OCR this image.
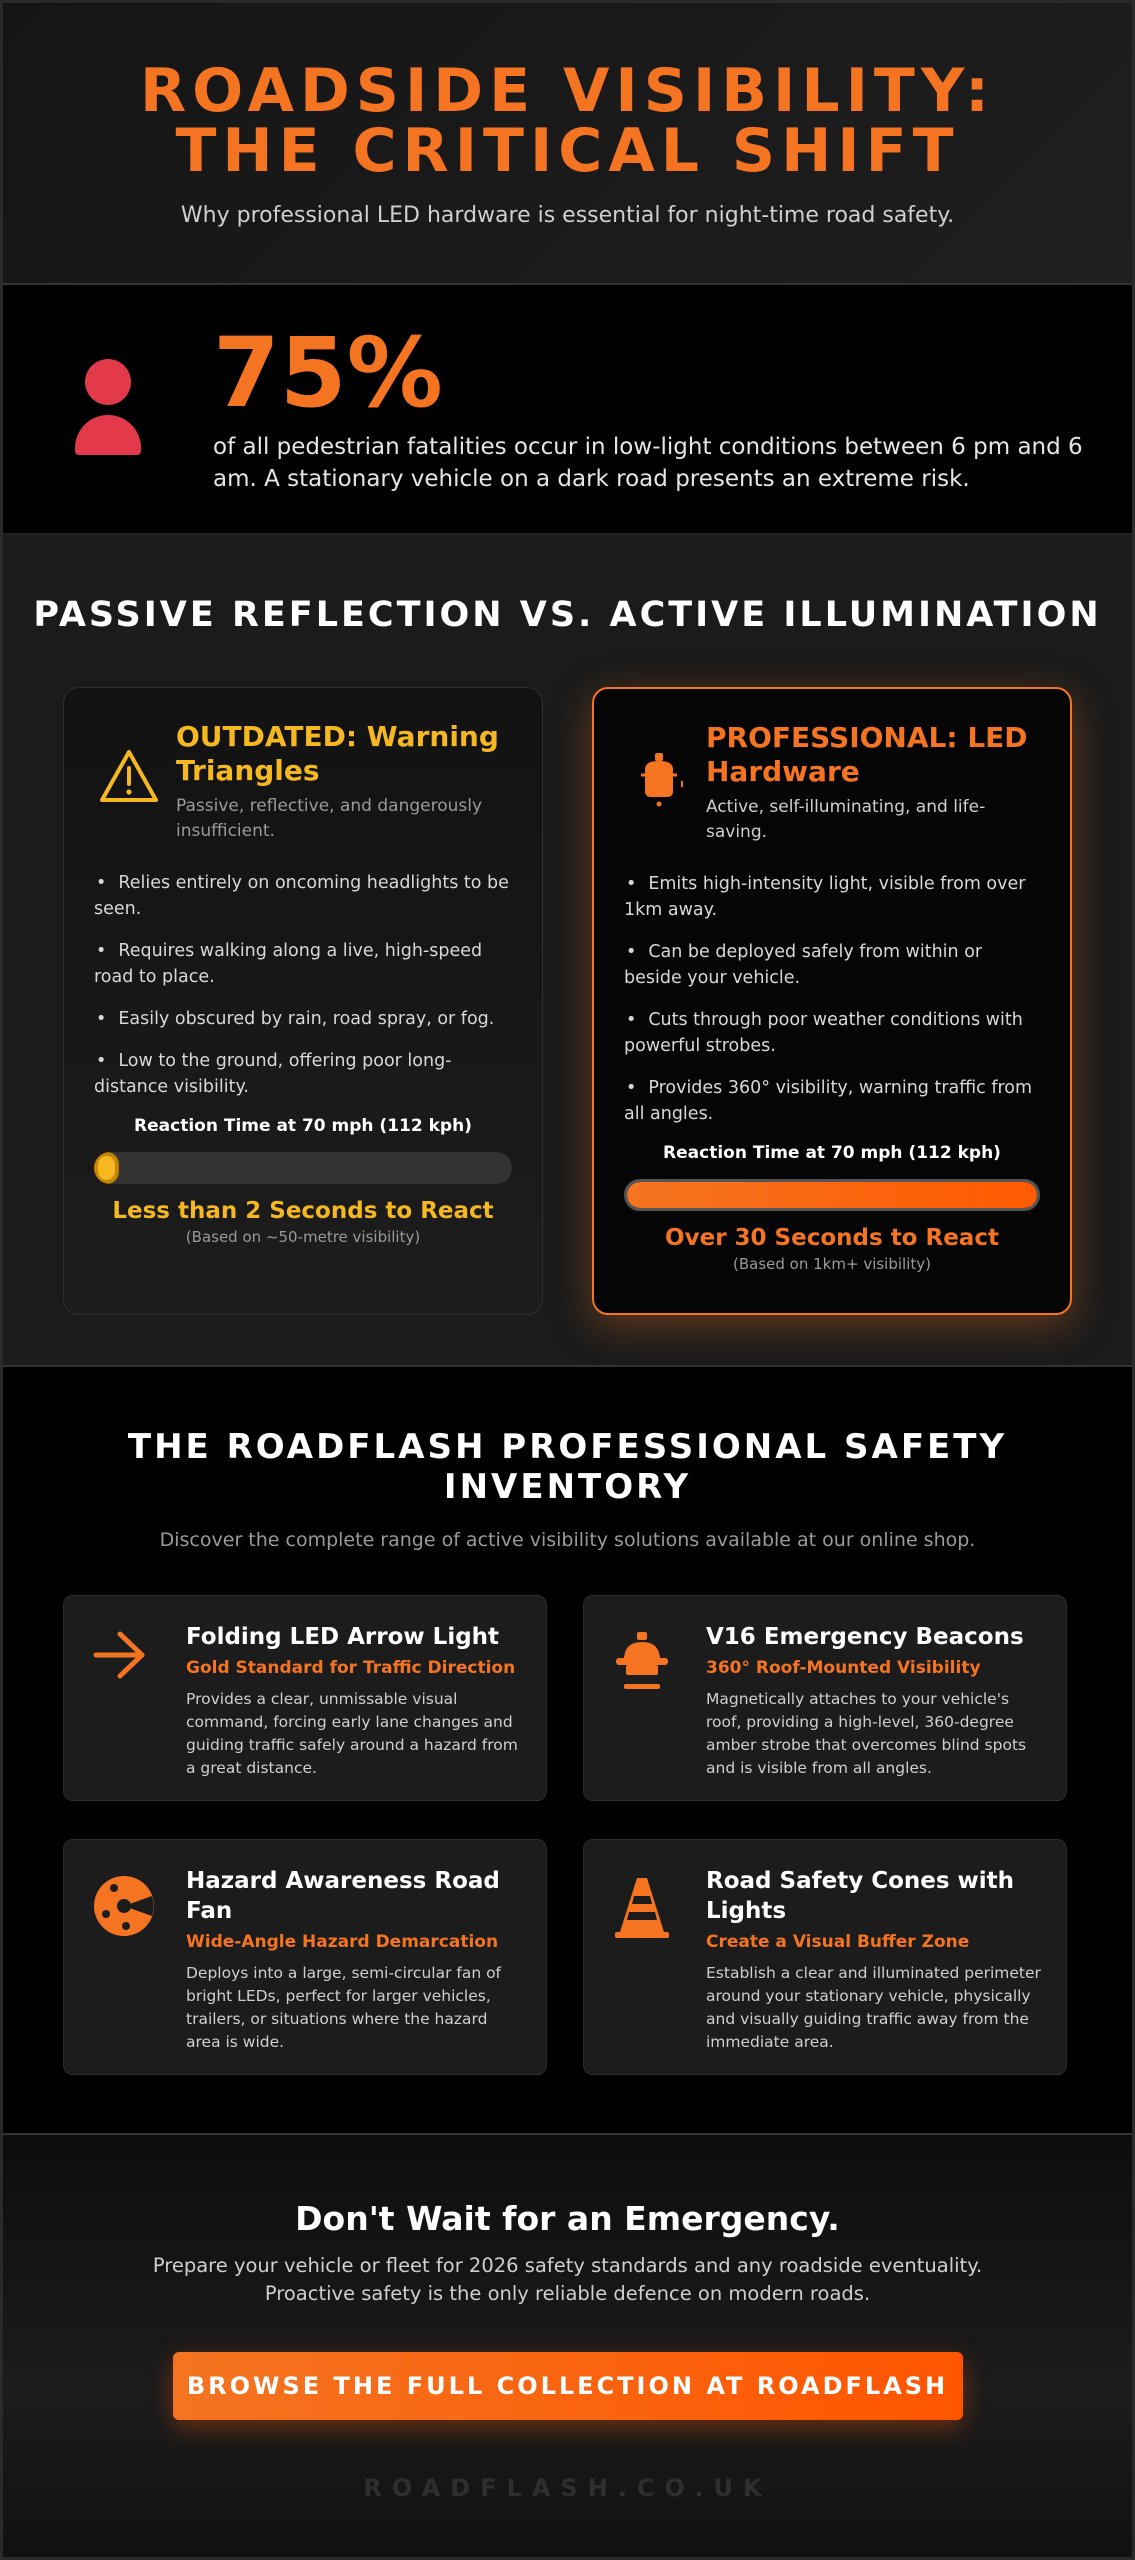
ROADSIDE VISIBILITY: THE CRITICAL SHIFT

Why professional LED hardware is essential for night-time road safety.

75%
of all pedestrian fatalities occur in low-light conditions between 6 pm and 6 am. A stationary vehicle on a dark road presents an extreme risk.
PASSIVE REFLECTION VS. ACTIVE ILLUMINATION
OUTDATED: Warning Triangles
Passive, reflective, and dangerously insufficient.
• Relies entirely on oncoming headlights to be seen.
• Requires walking along a live, high-speed road to place.
• Easily obscured by rain, road spray, or fog.
• Low to the ground, offering poor long-distance visibility.
Reaction Time at 70 mph (112 kph)
Less than 2 Seconds to React
(Based on ~50-metre visibility)
PROFESSIONAL: LED Hardware
Active, self-illuminating, and life-saving.
• Emits high-intensity light, visible from over 1km away.
• Can be deployed safely from within or beside your vehicle.
• Cuts through poor weather conditions with powerful strobes.
• Provides 360° visibility, warning traffic from all angles.
Reaction Time at 70 mph (112 kph)
Over 30 Seconds to React
(Based on 1km+ visibility)
THE ROADFLASH PROFESSIONAL SAFETY INVENTORY
Discover the complete range of active visibility solutions available at our online shop.
Folding LED Arrow Light
Gold Standard for Traffic Direction
Provides a clear, unmissable visual command, forcing early lane changes and guiding traffic safely around a hazard from a great distance.
V16 Emergency Beacons
360° Roof-Mounted Visibility
Magnetically attaches to your vehicle's roof, providing a high-level, 360-degree amber strobe that overcomes blind spots and is visible from all angles.
Hazard Awareness Road Fan
Wide-Angle Hazard Demarcation
Deploys into a large, semi-circular fan of bright LEDs, perfect for larger vehicles, trailers, or situations where the hazard area is wide.
Road Safety Cones with Lights
Create a Visual Buffer Zone
Establish a clear and illuminated perimeter around your stationary vehicle, physically and visually guiding traffic away from the immediate area.
Don't Wait for an Emergency.

Prepare your vehicle or fleet for 2026 safety standards and any roadside eventuality.
Proactive safety is the only reliable defence on modern roads.

BROWSE THE FULL COLLECTION AT ROADFLASH
ROADFLASH.CO.UK
